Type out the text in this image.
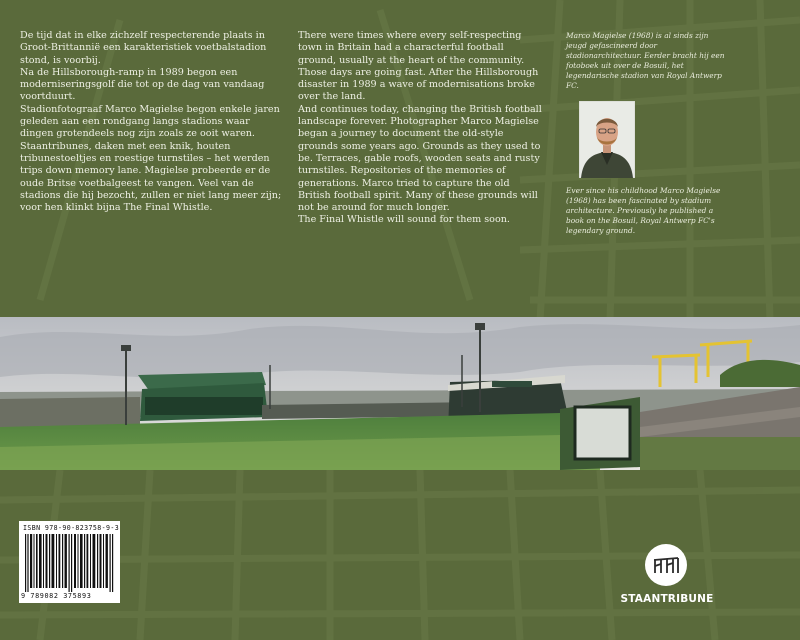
De tijd dat in elke zichzelf respecterende plaats in Groot-Brittannië een karakteristiek voetbalstadion stond, is voorbij.

Na de Hillsborough-ramp in 1989 begon een moderniseringsgolf die tot op de dag van vandaag voortduurt.

Stadionfotograaf Marco Magielse begon enkele jaren geleden aan een rondgang langs stadions waar dingen grotendeels nog zijn zoals ze ooit waren. Staantribunes, daken met een knik, houten tribunestoeltjes en roestige turnstiles – het werden trips down memory lane. Magielse probeerde er de oude Britse voetbalgeest te vangen. Veel van de stadions die hij bezocht, zullen er niet lang meer zijn; voor hen klinkt bijna The Final Whistle.

There were times where every self-respecting town in Britain had a characterful football ground, usually at the heart of the community. Those days are going fast. After the Hillsborough disaster in 1989 a wave of modernisations broke over the land.

And continues today, changing the British football landscape forever. Photographer Marco Magielse began a journey to document the old-style grounds some years ago. Grounds as they used to be. Terraces, gable roofs, wooden seats and rusty turnstiles. Repositories of the memories of generations. Marco tried to capture the old British football spirit. Many of these grounds will not be around for much longer.

The Final Whistle will sound for them soon.

Marco Magielse (1968) is al sinds zijn jeugd gefascineerd door stadionarchitectuur. Eerder bracht hij een fotoboek uit over de Bosuil, het legendarische stadion van Royal Antwerp FC.
Ever since his childhood Marco Magielse (1968) has been fascinated by stadium architecture. Previously he published a book on the Bosuil, Royal Antwerp FC's legendary ground.
ISBN 978-90-823758-9-3
9 789082 375893	STAANTRIBUNE
